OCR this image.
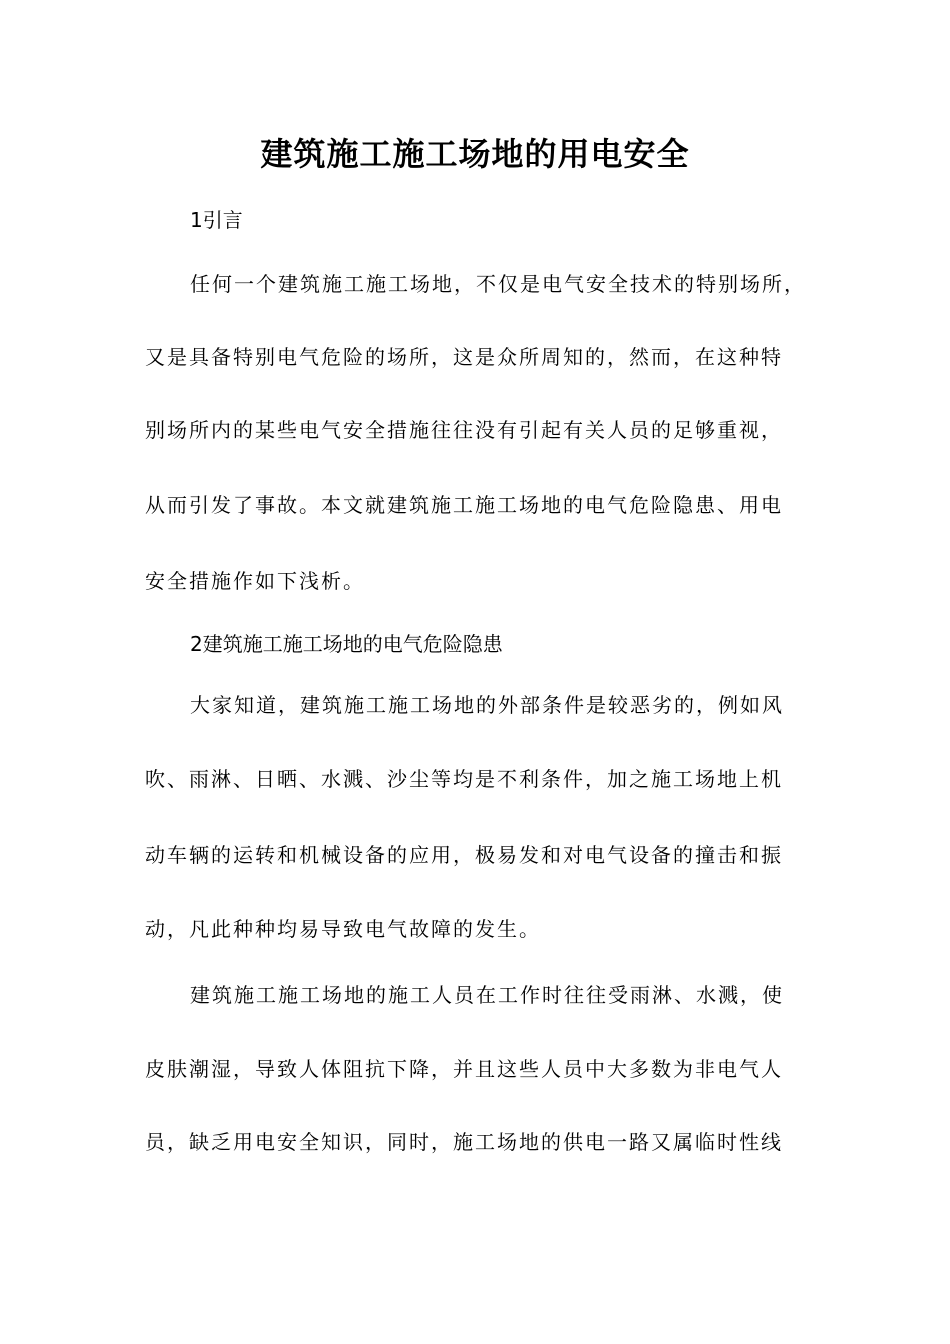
建筑施工施工场地的用电安全
1引言
任何一个建筑施工施工场地，不仅是电气安全技术的特别场所，
又是具备特别电气危险的场所，这是众所周知的，然而，在这种特
别场所内的某些电气安全措施往往没有引起有关人员的足够重视，
从而引发了事故。本文就建筑施工施工场地的电气危险隐患、用电
安全措施作如下浅析。
2建筑施工施工场地的电气危险隐患
大家知道，建筑施工施工场地的外部条件是较恶劣的，例如风
吹、雨淋、日晒、水溅、沙尘等均是不利条件，加之施工场地上机
动车辆的运转和机械设备的应用，极易发和对电气设备的撞击和振
动，凡此种种均易导致电气故障的发生。
建筑施工施工场地的施工人员在工作时往往受雨淋、水溅，使
皮肤潮湿，导致人体阻抗下降，并且这些人员中大多数为非电气人
员，缺乏用电安全知识，同时，施工场地的供电一路又属临时性线
